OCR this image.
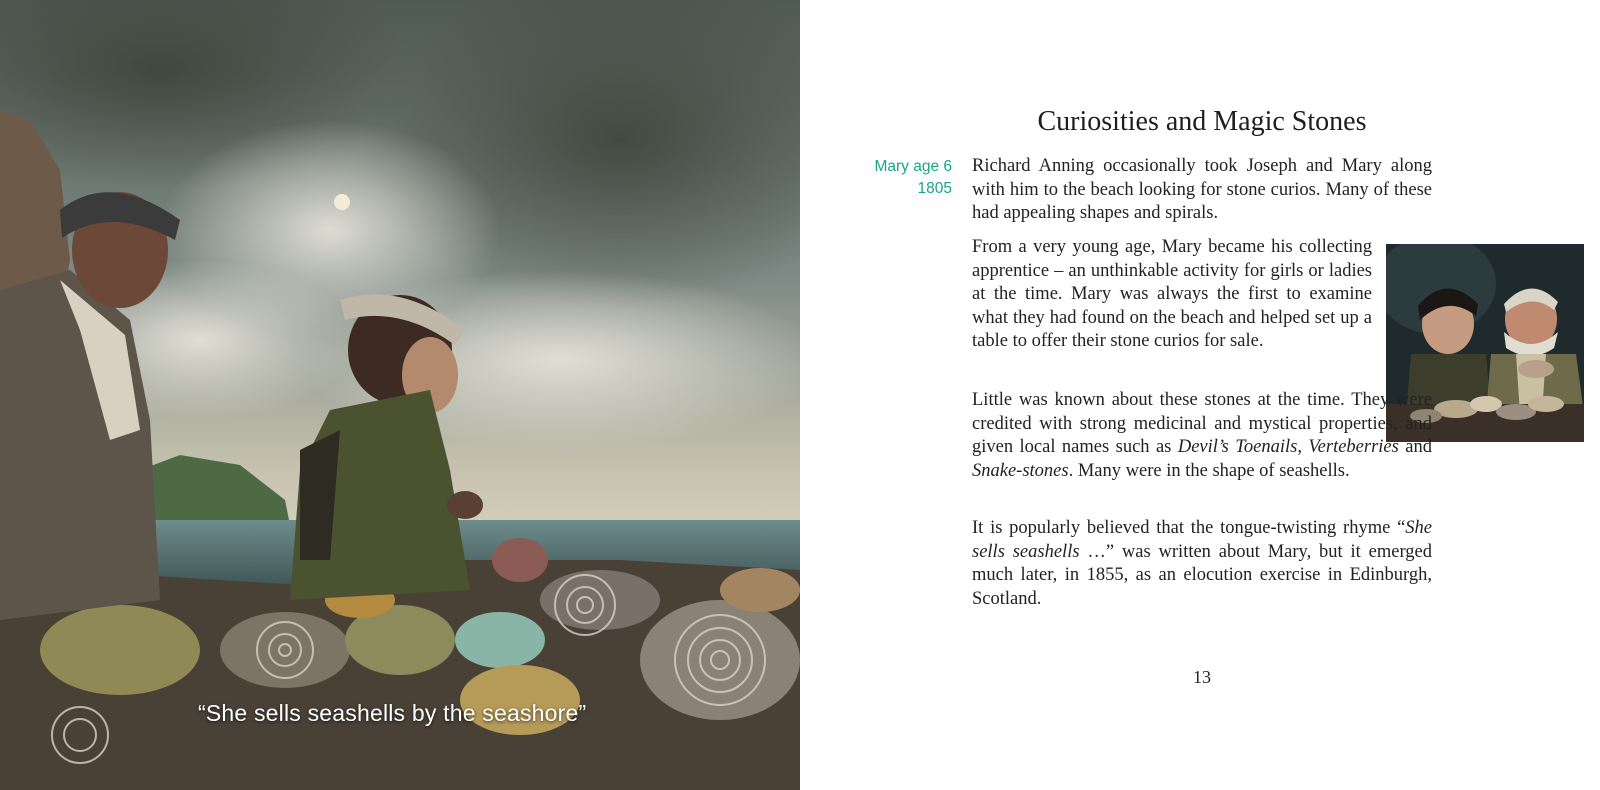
“She sells seashells by the seashore”
Curiosities and Magic Stones
Mary age 6
1805

Richard Anning occasionally took Joseph and Mary along with him to the beach looking for stone curios. Many of these had appealing shapes and spirals.

From a very young age, Mary became his collecting apprentice – an unthinkable activity for girls or ladies at the time. Mary was always the first to examine what they had found on the beach and helped set up a table to offer their stone curios for sale.

Little was known about these stones at the time. They were credited with strong medicinal and mystical properties, and given local names such as Devil’s Toenails, Verteberries and Snake-stones. Many were in the shape of seashells.

It is popularly believed that the tongue-twisting rhyme “She sells seashells …” was written about Mary, but it emerged much later, in 1855, as an elocution exercise in Edinburgh, Scotland.

13
